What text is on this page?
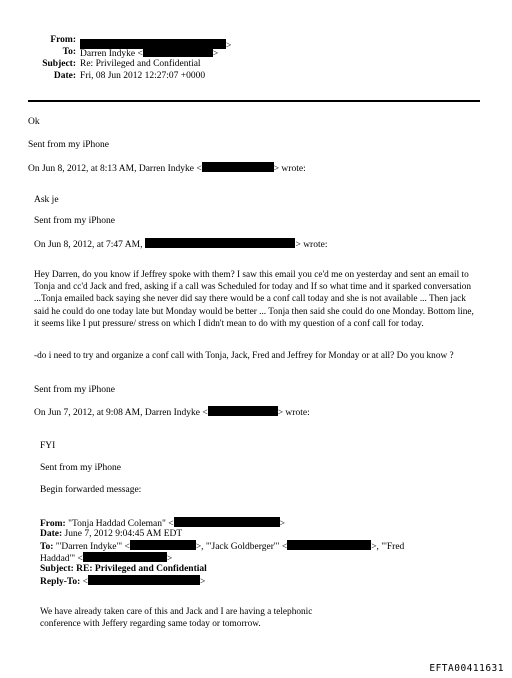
From:
>
To: Darren Indyke <	>
Subject: Re: Privileged and Confidential
Date: Fri, 08 Jun 2012 12:27:07 +0000
Ok
Sent from my iPhone
On Jun 8, 2012, at 8:13 AM, Darren Indyke <	> wrote:
Ask je
Sent from my iPhone
On Jun 8, 2012, at 7:47 AM,	> wrote:
Hey Darren, do you know if Jeffrey spoke with them? I saw this email you ce'd me on yesterday and sent an email to Tonja and cc'd Jack and fred, asking if a call was Scheduled for today and If so what time and it sparked conversation ...Tonja emailed back saying she never did say there would be a conf call today and she is not available ... Then jack said he could do one today late but Monday would be better ... Tonja then said she could do one Monday. Bottom line, it seems like I put pressure/ stress on which I didn't mean to do with my question of a conf call for today.
-do i need to try and organize a conf call with Tonja, Jack, Fred and Jeffrey for Monday or at all? Do you know ?
Sent from my iPhone
On Jun 7, 2012, at 9:08 AM, Darren Indyke <	> wrote:
FYI
Sent from my iPhone
Begin forwarded message:
From: "Tonja Haddad Coleman" <	>
Date: June 7, 2012 9:04:45 AM EDT
To: "'Darren Indyke'" <	>, "'Jack Goldberger'" <	>, "'Fred
Haddad'" <	>
Subject: RE: Privileged and Confidential
Reply-To: <	>
We have already taken care of this and Jack and I are having a telephonic conference with Jeffery regarding same today or tomorrow.
EFTA00411631
